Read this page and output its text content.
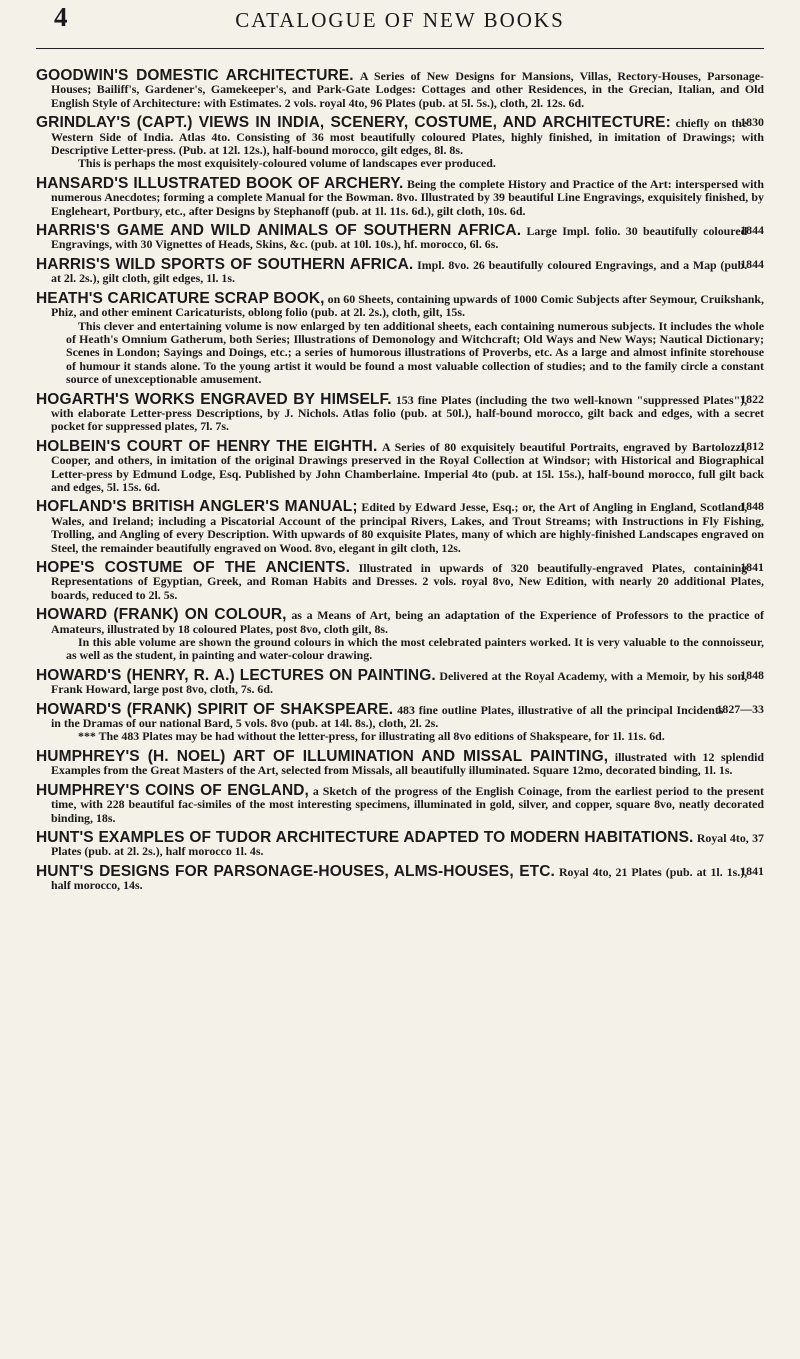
4	CATALOGUE OF NEW BOOKS
GOODWIN'S DOMESTIC ARCHITECTURE. A Series of New Designs for Mansions, Villas, Rectory-Houses, Parsonage-Houses; Bailiff's, Gardener's, Gamekeeper's, and Park-Gate Lodges: Cottages and other Residences, in the Grecian, Italian, and Old English Style of Architecture: with Estimates. 2 vols. royal 4to, 96 Plates (pub. at 5l. 5s.), cloth, 2l. 12s. 6d.
1830
GRINDLAY'S (CAPT.) VIEWS IN INDIA, SCENERY, COSTUME, AND ARCHITECTURE: chiefly on the Western Side of India. Atlas 4to. Consisting of 36 most beautifully coloured Plates, highly finished, in imitation of Drawings; with Descriptive Letter-press. (Pub. at 12l. 12s.), half-bound morocco, gilt edges, 8l. 8s.
This is perhaps the most exquisitely-coloured volume of landscapes ever produced.
HANSARD'S ILLUSTRATED BOOK OF ARCHERY. Being the complete History and Practice of the Art: interspersed with numerous Anecdotes; forming a complete Manual for the Bowman. 8vo. Illustrated by 39 beautiful Line Engravings, exquisitely finished, by Englehеart, Portbury, etc., after Designs by Stephanoff (pub. at 1l. 11s. 6d.), gilt cloth, 10s. 6d.
1844
HARRIS'S GAME AND WILD ANIMALS OF SOUTHERN AFRICA. Large Impl. folio. 30 beautifully coloured Engravings, with 30 Vignettes of Heads, Skins, &c. (pub. at 10l. 10s.), hf. morocco, 6l. 6s.
1844
HARRIS'S WILD SPORTS OF SOUTHERN AFRICA. Impl. 8vo. 26 beautifully coloured Engravings, and a Map (pub. at 2l. 2s.), gilt cloth, gilt edges, 1l. 1s.
HEATH'S CARICATURE SCRAP BOOK, on 60 Sheets, containing upwards of 1000 Comic Subjects after Seymour, Cruikshank, Phiz, and other eminent Caricaturists, oblong folio (pub. at 2l. 2s.), cloth, gilt, 15s.
This clever and entertaining volume is now enlarged by ten additional sheets, each containing numerous subjects. It includes the whole of Heath's Omnium Gatherum, both Series; Illustrations of Demonology and Witchcraft; Old Ways and New Ways; Nautical Dictionary; Scenes in London; Sayings and Doings, etc.; a series of humorous illustrations of Proverbs, etc. As a large and almost infinite storehouse of humour it stands alone. To the young artist it would be found a most valuable collection of studies; and to the family circle a constant source of unexceptionable amusement.
1822
HOGARTH'S WORKS ENGRAVED BY HIMSELF. 153 fine Plates (including the two well-known "suppressed Plates"), with elaborate Letter-press Descriptions, by J. Nichols. Atlas folio (pub. at 50l.), half-bound morocco, gilt back and edges, with a secret pocket for suppressed plates, 7l. 7s.
1812
HOLBEIN'S COURT OF HENRY THE EIGHTH. A Series of 80 exquisitely beautiful Portraits, engraved by Bartolozzi, Cooper, and others, in imitation of the original Drawings preserved in the Royal Collection at Windsor; with Historical and Biographical Letter-press by Edmund Lodge, Esq. Published by John Chamberlaine. Imperial 4to (pub. at 15l. 15s.), half-bound morocco, full gilt back and edges, 5l. 15s. 6d.
1848
HOFLAND'S BRITISH ANGLER'S MANUAL; Edited by Edward Jesse, Esq.; or, the Art of Angling in England, Scotland, Wales, and Ireland; including a Piscatorial Account of the principal Rivers, Lakes, and Trout Streams; with Instructions in Fly Fishing, Trolling, and Angling of every Description. With upwards of 80 exquisite Plates, many of which are highly-finished Landscapes engraved on Steel, the remainder beautifully engraved on Wood. 8vo, elegant in gilt cloth, 12s.
1841
HOPE'S COSTUME OF THE ANCIENTS. Illustrated in upwards of 320 beautifully-engraved Plates, containing Representations of Egyptian, Greek, and Roman Habits and Dresses. 2 vols. royal 8vo, New Edition, with nearly 20 additional Plates, boards, reduced to 2l. 5s.
HOWARD (FRANK) ON COLOUR, as a Means of Art, being an adaptation of the Experience of Professors to the practice of Amateurs, illustrated by 18 coloured Plates, post 8vo, cloth gilt, 8s.
In this able volume are shown the ground colours in which the most celebrated painters worked. It is very valuable to the connoisseur, as well as the student, in painting and water-colour drawing.
1848
HOWARD'S (HENRY, R. A.) LECTURES ON PAINTING. Delivered at the Royal Academy, with a Memoir, by his son, Frank Howard, large post 8vo, cloth, 7s. 6d.
1827—33
HOWARD'S (FRANK) SPIRIT OF SHAKSPEARE. 483 fine outline Plates, illustrative of all the principal Incidents in the Dramas of our national Bard, 5 vols. 8vo (pub. at 14l. 8s.), cloth, 2l. 2s.
*** The 483 Plates may be had without the letter-press, for illustrating all 8vo editions of Shakspeare, for 1l. 11s. 6d.
HUMPHREY'S (H. NOEL) ART OF ILLUMINATION AND MISSAL PAINTING, illustrated with 12 splendid Examples from the Great Masters of the Art, selected from Missals, all beautifully illuminated. Square 12mo, decorated binding, 1l. 1s.
HUMPHREY'S COINS OF ENGLAND, a Sketch of the progress of the English Coinage, from the earliest period to the present time, with 228 beautiful fac-similes of the most interesting specimens, illuminated in gold, silver, and copper, square 8vo, neatly decorated binding, 18s.
HUNT'S EXAMPLES OF TUDOR ARCHITECTURE ADAPTED TO MODERN HABITATIONS. Royal 4to, 37 Plates (pub. at 2l. 2s.), half morocco 1l. 4s.
1841
HUNT'S DESIGNS FOR PARSONAGE-HOUSES, ALMS-HOUSES, ETC. Royal 4to, 21 Plates (pub. at 1l. 1s.), half morocco, 14s.
